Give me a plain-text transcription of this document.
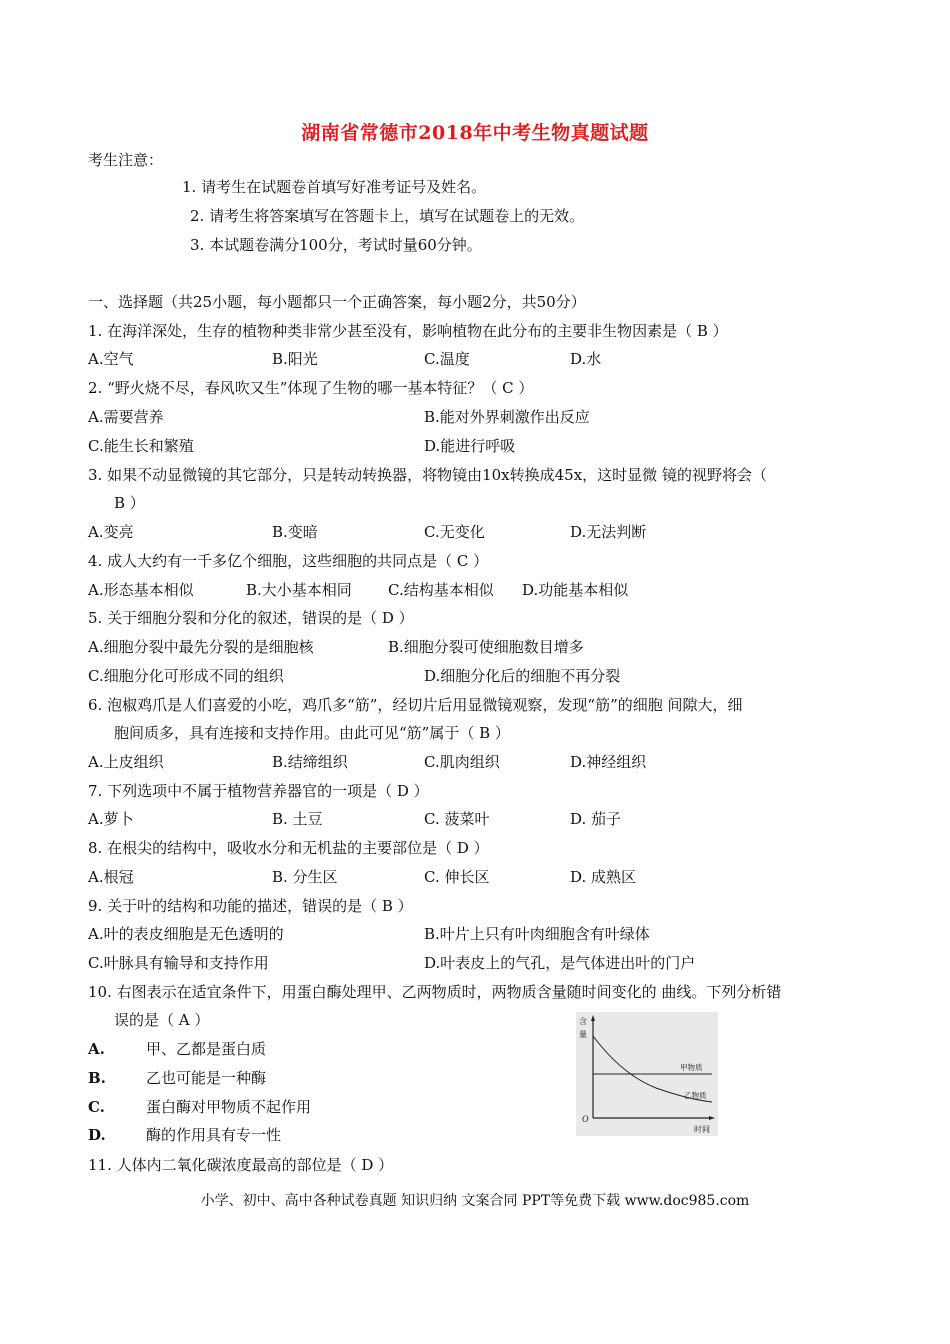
湖南省常德市2018年中考生物真题试题
考生注意：
1. 请考生在试题卷首填写好准考证号及姓名。
2. 请考生将答案填写在答题卡上，填写在试题卷上的无效。
3. 本试题卷满分100分，考试时量60分钟。
一、选择题（共25小题，每小题都只一个正确答案，每小题2分，共50分）
1. 在海洋深处，生存的植物种类非常少甚至没有，影响植物在此分布的主要非生物因素是（ B ）
A.空气	B.阳光	C.温度	D.水
2. “野火烧不尽，春风吹又生”体现了生物的哪一基本特征？（ C ）
A.需要营养	B.能对外界刺激作出反应
C.能生长和繁殖	D.能进行呼吸
3. 如果不动显微镜的其它部分，只是转动转换器，将物镜由10x转换成45x，这时显微 镜的视野将会（
B ）
A.变亮	B.变暗	C.无变化	D.无法判断
4. 成人大约有一千多亿个细胞，这些细胞的共同点是（ C ）
A.形态基本相似	B.大小基本相同 C.结构基本相似 D.功能基本相似
5. 关于细胞分裂和分化的叙述，错误的是（ D ）
A.细胞分裂中最先分裂的是细胞核	B.细胞分裂可使细胞数目增多
C.细胞分化可形成不同的组织	D.细胞分化后的细胞不再分裂
6. 泡椒鸡爪是人们喜爱的小吃，鸡爪多“筋”，经切片后用显微镜观察，发现“筋”的细胞 间隙大，细
胞间质多，具有连接和支持作用。由此可见“筋”属于（ B ）
A.上皮组织	B.结缔组织	C.肌肉组织	D.神经组织
7. 下列选项中不属于植物营养器官的一项是（ D ）
A.萝卜	B. 土豆	C. 菠菜叶	D. 茄子
8. 在根尖的结构中，吸收水分和无机盐的主要部位是（ D ）
A.根冠	B. 分生区	C. 伸长区	D. 成熟区
9. 关于叶的结构和功能的描述，错误的是（ B ）
A.叶的表皮细胞是无色透明的	B.叶片上只有叶肉细胞含有叶绿体
C.叶脉具有输导和支持作用	D.叶表皮上的气孔，是气体进出叶的门户
10. 右图表示在适宜条件下，用蛋白酶处理甲、乙两物质时，两物质含量随时间变化的 曲线。下列分析错
误的是（ A ）
A.	甲、乙都是蛋白质
B.	乙也可能是一种酶
C.	蛋白酶对甲物质不起作用
D.	酶的作用具有专一性
含
量
O
时间
甲物质
乙物质
11. 人体内二氧化碳浓度最高的部位是（ D ）
小学、初中、高中各种试卷真题 知识归纳 文案合同 PPT等免费下载 www.doc985.com
